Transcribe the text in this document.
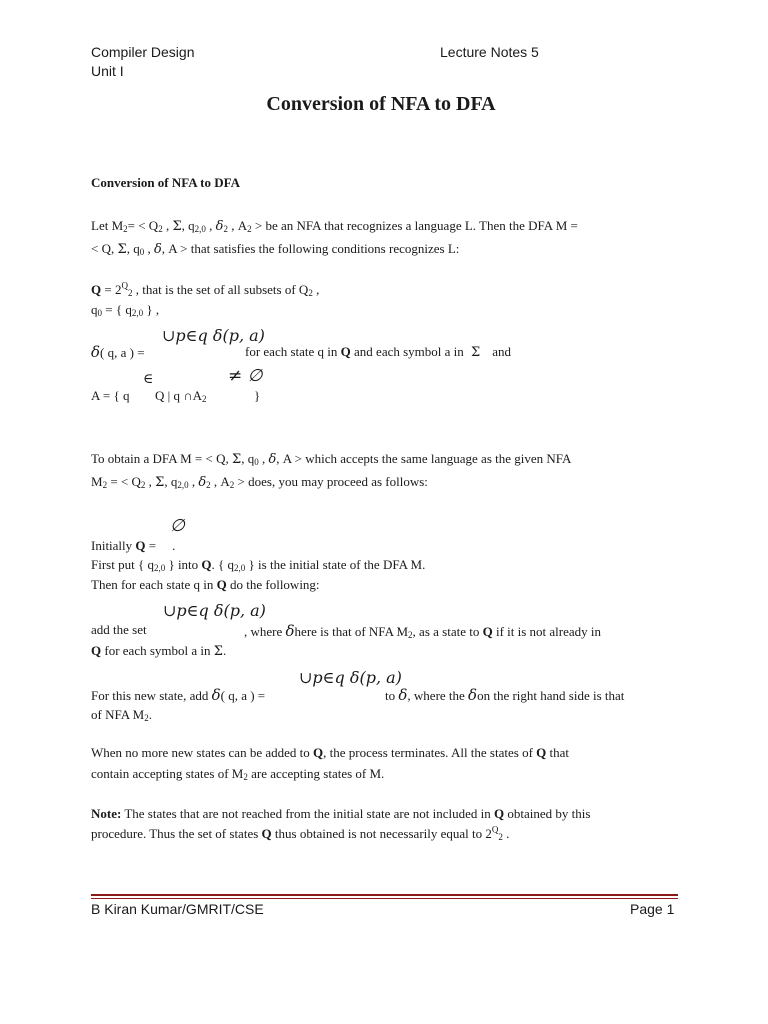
Compiler Design	Lecture Notes 5
Unit I
Conversion of NFA to DFA
Conversion of NFA to DFA
Let $M_2= < Q_2$ , Σ, $q_{2,0}$ , $\delta_2$ , $A_2$ > be an NFA that recognizes a language L. Then the DFA M =
< Q, Σ, $q_0$ , δ, A > that satisfies the following conditions recognizes L:
$Q = 2^Q_2$ , that is the set of all subsets of $Q_2$ ,
$q_0$ = { $q_{2,0}$ } ,
δ( q, a ) =
∪p∈q δ(p, a)
for each state q in Q and each symbol a in Σ and
A = { q
∈
Q | q $\cap A_2$
≠ ∅
}
To obtain a DFA M = < Q, Σ, $q_0$ , δ, A > which accepts the same language as the given NFA
$M_2$ = < $Q_2$ , Σ, $q_{2,0}$ , $\delta_2$ , $A_2$ > does, you may proceed as follows:
∅
Initially Q = .
First put { $q_{2,0}$ } into Q. { $q_{2,0}$ } is the initial state of the DFA M.
Then for each state q in Q do the following:
∪p∈q δ(p, a)
add the set	, where δhere is that of NFA $M_2$, as a state to Q if it is not already in
Q for each symbol a in Σ.
∪p∈q δ(p, a)
For this new state, add δ( q, a ) =	to δ, where the δon the right hand side is that
of NFA $M_2$.
When no more new states can be added to Q, the process terminates. All the states of Q that
contain accepting states of $M_2$ are accepting states of M.
Note: The states that are not reached from the initial state are not included in Q obtained by this
procedure. Thus the set of states Q thus obtained is not necessarily equal to $2^Q_2$ .
B Kiran Kumar/GMRIT/CSE	Page 1
